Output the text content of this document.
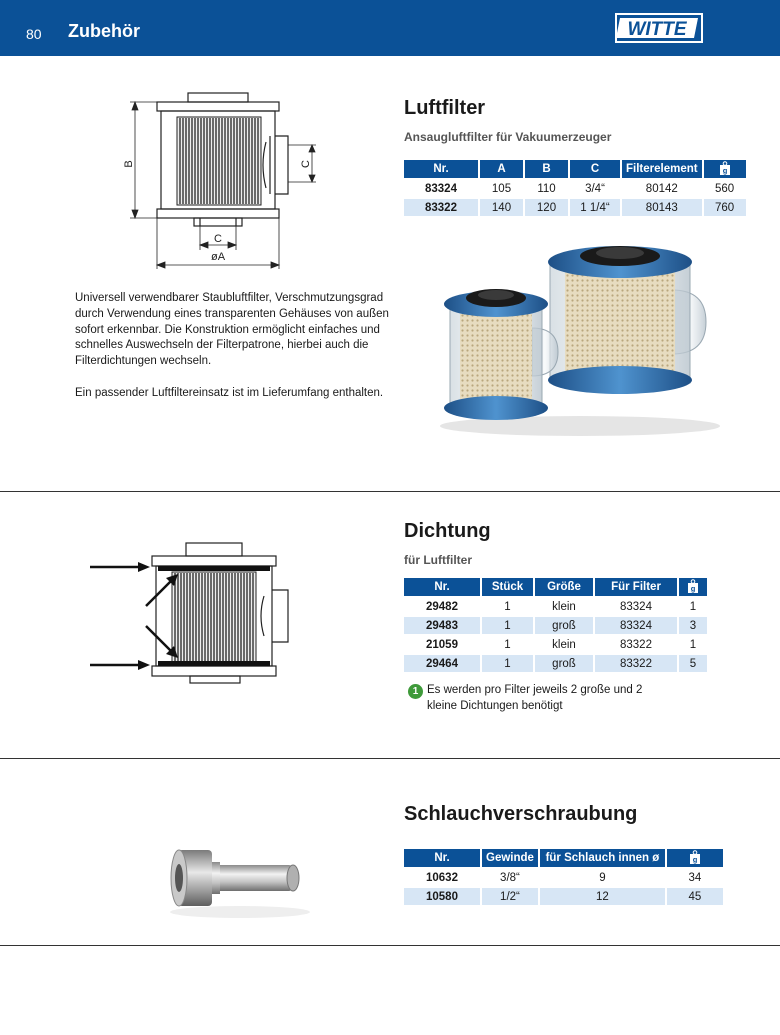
80 Zubehör	WITTE
B	C
C
øA
Luftfilter
Ansaugluftfilter für Vakuumerzeuger
Nr.	A	B	C	Filterelement	g

83324	105	110	3/4“	80142	560
83322	140	120	1 1/4“	80143	760

Universell verwendbarer Staubluftfilter, Verschmutzungsgrad durch Verwendung eines transparenten Gehäuses von außen sofort erkennbar. Die Konstruktion ermöglicht einfaches und schnelles Auswechseln der Filterpatrone, hierbei auch die Filterdichtungen wechseln.

Ein passender Luftfiltereinsatz ist im Lieferumfang enthalten.

Dichtung
für Luftfilter
Nr.	Stück	Größe	Für Filter	g

29482	1	klein	83324	1
29483	1	groß	83324	3
21059	1	klein	83322	1
29464	1	groß	83322	5
1 Es werden pro Filter jeweils 2 große und 2 kleine Dichtungen benötigt
Schlauchverschraubung
Nr.	Gewinde	für Schlauch innen ø	g

10632	3/8“	9	34
10580	1/2“	12	45
